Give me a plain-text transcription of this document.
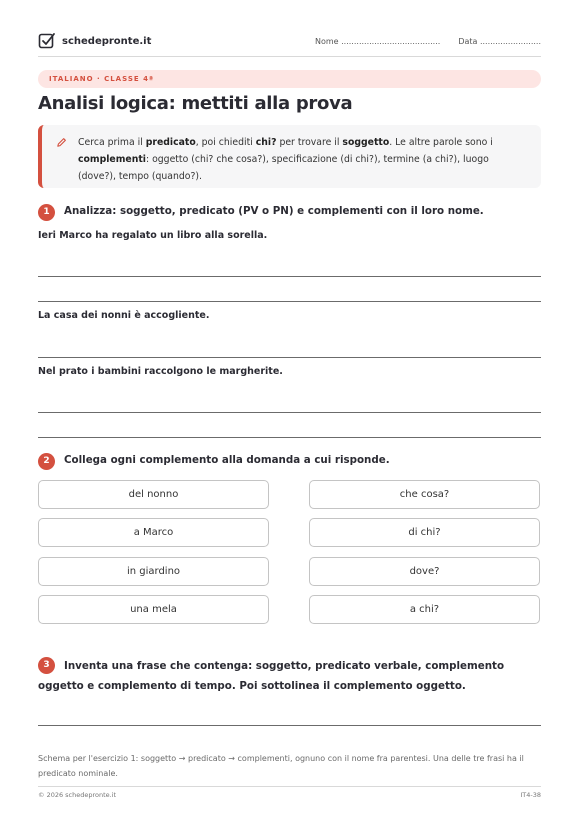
schedepronte.it	Nome ....................................... Data ........................
ITALIANO · CLASSE 4ª
Analisi logica: mettiti alla prova
Cerca prima il predicato, poi chiediti chi? per trovare il soggetto. Le altre parole sono i complementi: oggetto (chi? che cosa?), specificazione (di chi?), termine (a chi?), luogo (dove?), tempo (quando?).
1	Analizza: soggetto, predicato (PV o PN) e complementi con il loro nome.
Ieri Marco ha regalato un libro alla sorella.
La casa dei nonni è accogliente.
Nel prato i bambini raccolgono le margherite.
2	Collega ogni complemento alla domanda a cui risponde.
del nonno	che cosa?
a Marco	di chi?
in giardino	dove?
una mela	a chi?
3	Inventa una frase che contenga: soggetto, predicato verbale, complemento oggetto e complemento di tempo. Poi sottolinea il complemento oggetto.
Schema per l'esercizio 1: soggetto → predicato → complementi, ognuno con il nome fra parentesi. Una delle tre frasi ha il predicato nominale.
© 2026 schedepronte.it	IT4-38
